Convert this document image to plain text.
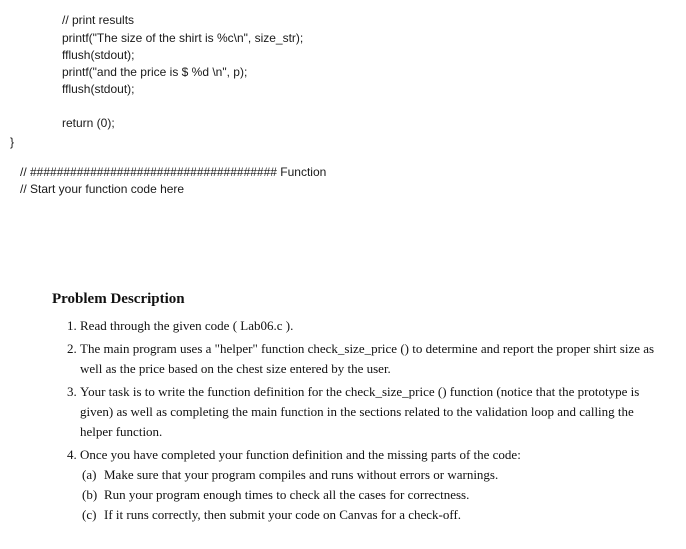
// print results
printf("The size of the shirt is %c\n", size_str);
fflush(stdout);
printf("and the price is $ %d \n", p);
fflush(stdout);
return (0);
}
// ##################################### Function
// Start your function code here
Problem Description
1. Read through the given code ( Lab06.c ).
2. The main program uses a "helper" function check_size_price () to determine and report the proper shirt size as well as the price based on the chest size entered by the user.
3. Your task is to write the function definition for the check_size_price () function (notice that the prototype is given) as well as completing the main function in the sections related to the validation loop and calling the helper function.
4. Once you have completed your function definition and the missing parts of the code:
(a) Make sure that your program compiles and runs without errors or warnings.
(b) Run your program enough times to check all the cases for correctness.
(c) If it runs correctly, then submit your code on Canvas for a check-off.
